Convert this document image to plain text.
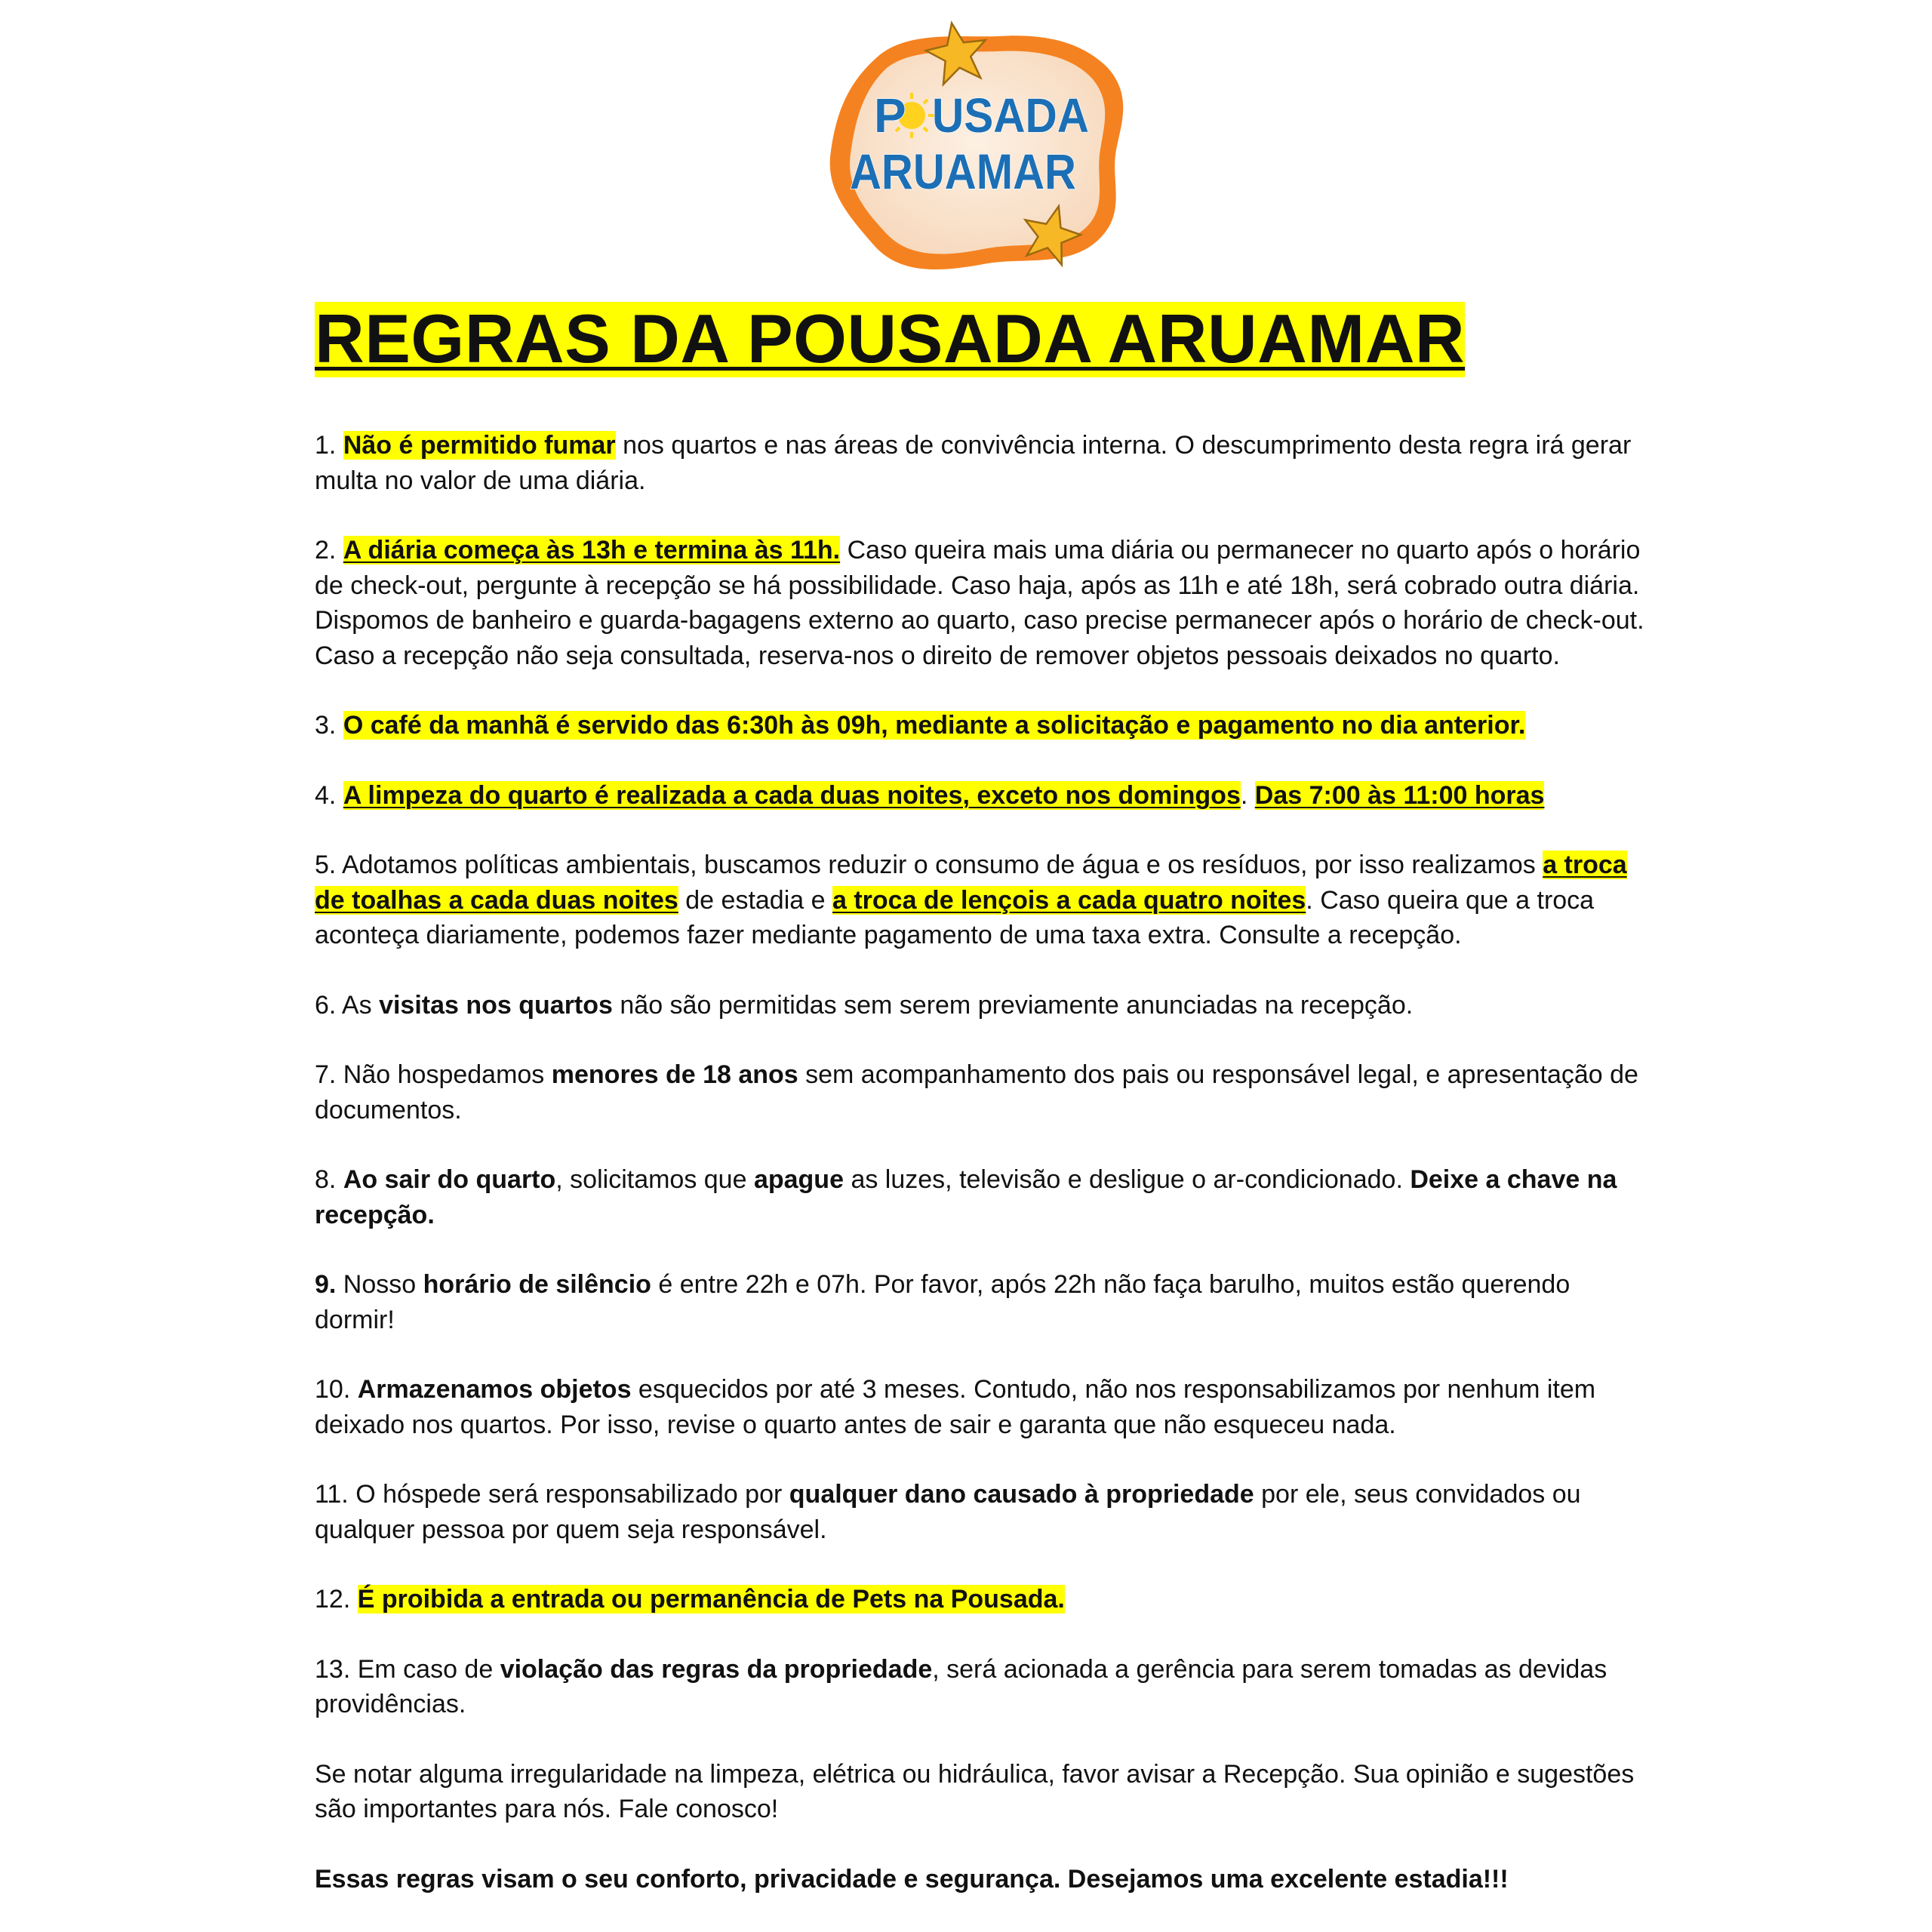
P USADA
ARUAMAR
REGRAS DA POUSADA ARUAMAR

1. Não é permitido fumar nos quartos e nas áreas de convivência interna. O descumprimento desta regra irá gerar multa no valor de uma diária.

2. A diária começa às 13h e termina às 11h. Caso queira mais uma diária ou permanecer no quarto após o horário de check-out, pergunte à recepção se há possibilidade. Caso haja, após as 11h e até 18h, será cobrado outra diária. Dispomos de banheiro e guarda-bagagens externo ao quarto, caso precise permanecer após o horário de check-out. Caso a recepção não seja consultada, reserva-nos o direito de remover objetos pessoais deixados no quarto.

3. O café da manhã é servido das 6:30h às 09h, mediante a solicitação e pagamento no dia anterior.

4. A limpeza do quarto é realizada a cada duas noites, exceto nos domingos. Das 7:00 às 11:00 horas

5. Adotamos políticas ambientais, buscamos reduzir o consumo de água e os resíduos, por isso realizamos a troca de toalhas a cada duas noites de estadia e a troca de lençois a cada quatro noites. Caso queira que a troca aconteça diariamente, podemos fazer mediante pagamento de uma taxa extra. Consulte a recepção.

6. As visitas nos quartos não são permitidas sem serem previamente anunciadas na recepção.

7. Não hospedamos menores de 18 anos sem acompanhamento dos pais ou responsável legal, e apresentação de documentos.

8. Ao sair do quarto, solicitamos que apague as luzes, televisão e desligue o ar-condicionado. Deixe a chave na recepção.

9. Nosso horário de silêncio é entre 22h e 07h. Por favor, após 22h não faça barulho, muitos estão querendo dormir!

10. Armazenamos objetos esquecidos por até 3 meses. Contudo, não nos responsabilizamos por nenhum item deixado nos quartos. Por isso, revise o quarto antes de sair e garanta que não esqueceu nada.

11. O hóspede será responsabilizado por qualquer dano causado à propriedade por ele, seus convidados ou qualquer pessoa por quem seja responsável.

12. É proibida a entrada ou permanência de Pets na Pousada.

13. Em caso de violação das regras da propriedade, será acionada a gerência para serem tomadas as devidas providências.

Se notar alguma irregularidade na limpeza, elétrica ou hidráulica, favor avisar a Recepção. Sua opinião e sugestões são importantes para nós. Fale conosco!

Essas regras visam o seu conforto, privacidade e segurança. Desejamos uma excelente estadia!!!
